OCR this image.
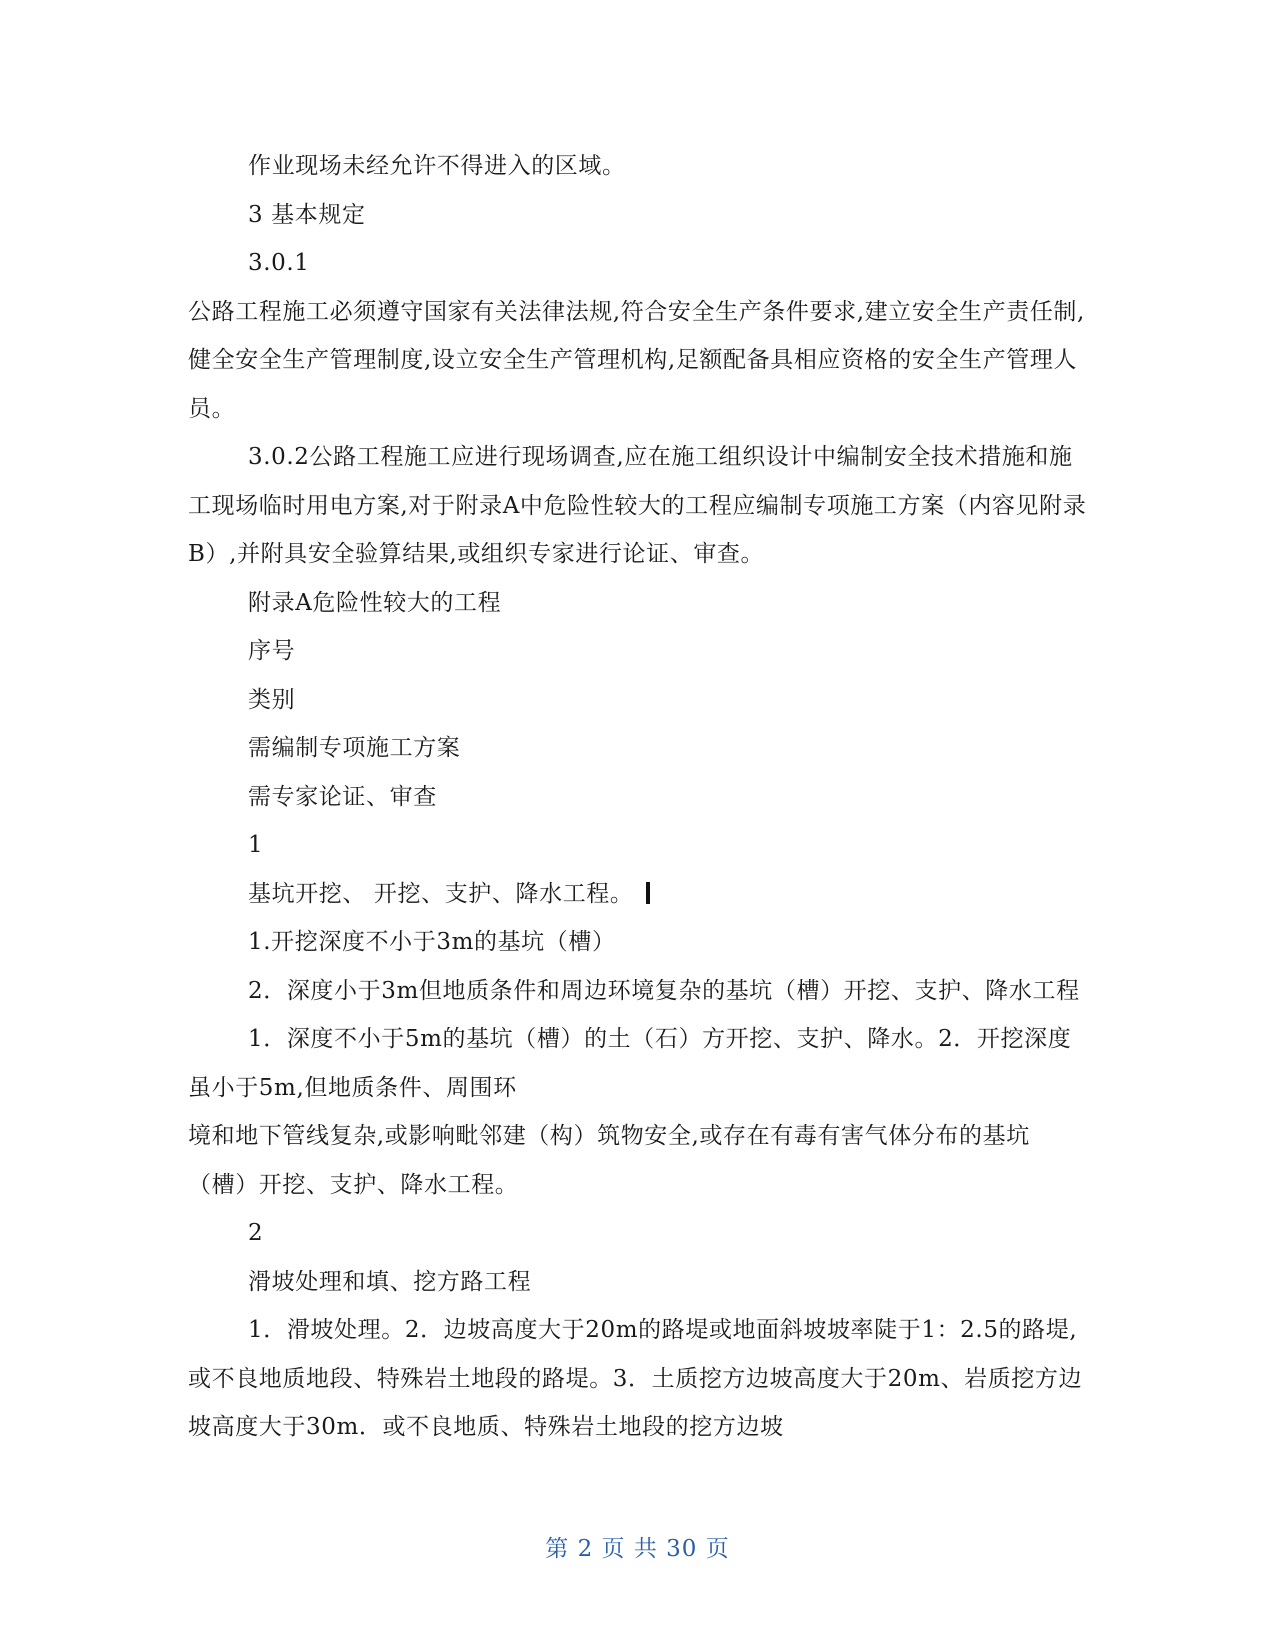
作业现场未经允许不得进入的区域。

3 基本规定

3.0.1

公路工程施工必须遵守国家有关法律法规,符合安全生产条件要求,建立安全生产责任制,健全安全生产管理制度,设立安全生产管理机构,足额配备具相应资格的安全生产管理人员。

3.0.2公路工程施工应进行现场调查,应在施工组织设计中编制安全技术措施和施工现场临时用电方案,对于附录A中危险性较大的工程应编制专项施工方案（内容见附录B）,并附具安全验算结果,或组织专家进行论证、审查。

附录A危险性较大的工程

序号

类别

需编制专项施工方案

需专家论证、审查

1

基坑开挖、 开挖、支护、降水工程。

1.开挖深度不小于3m的基坑（槽）

2．深度小于3m但地质条件和周边环境复杂的基坑（槽）开挖、支护、降水工程

1．深度不小于5m的基坑（槽）的土（石）方开挖、支护、降水。2．开挖深度虽小于5m,但地质条件、周围环

境和地下管线复杂,或影响毗邻建（构）筑物安全,或存在有毒有害气体分布的基坑（槽）开挖、支护、降水工程。

2

滑坡处理和填、挖方路工程

1．滑坡处理。2．边坡高度大于20m的路堤或地面斜坡坡率陡于1：2.5的路堤,或不良地质地段、特殊岩土地段的路堤。3．土质挖方边坡高度大于20m、岩质挖方边坡高度大于30m．或不良地质、特殊岩土地段的挖方边坡

第 2 页 共 30 页
